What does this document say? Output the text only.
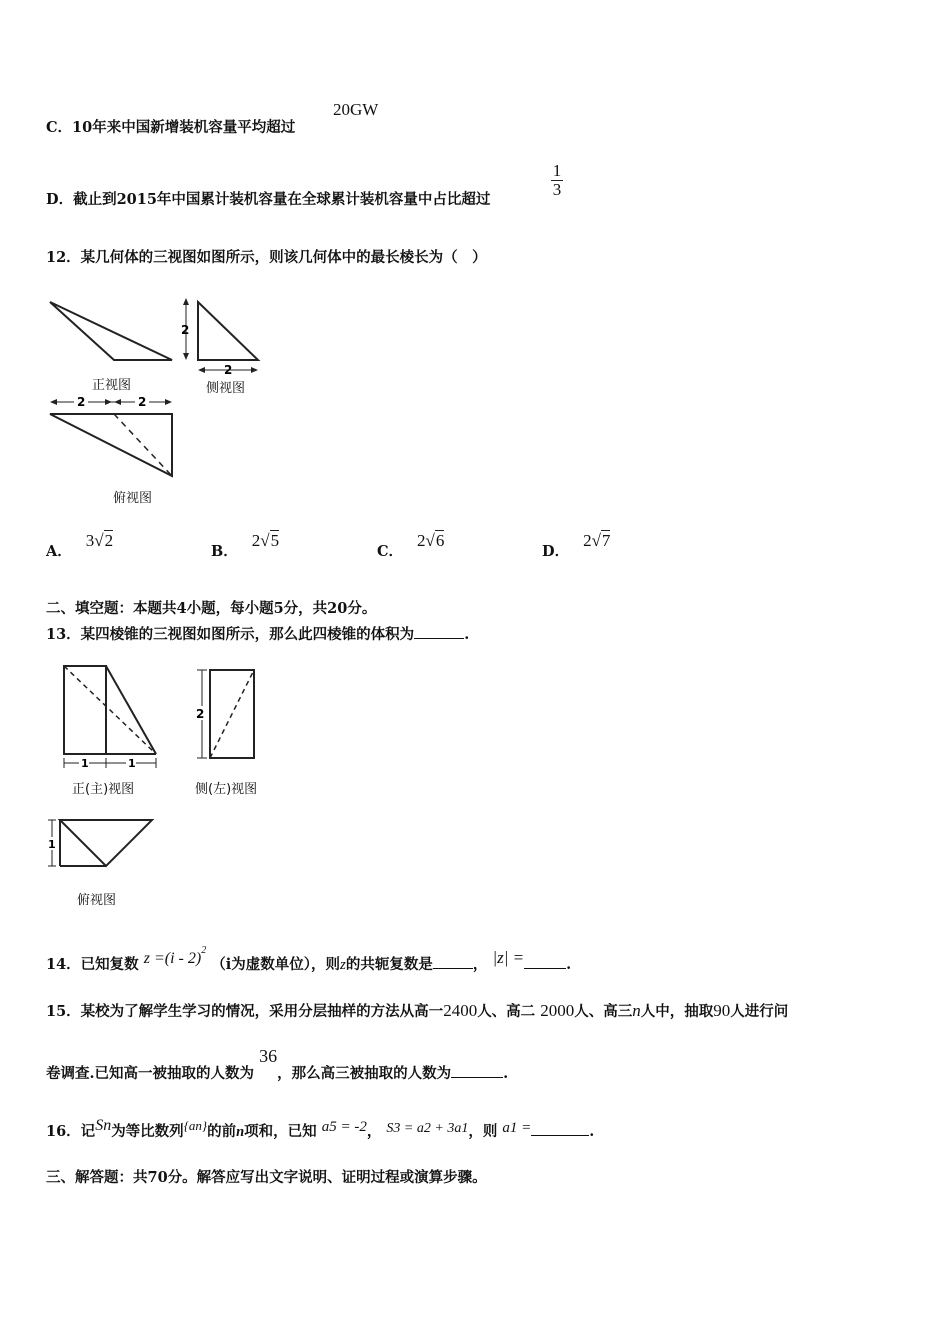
C．10年来中国新增装机容量平均超过
20GW
D．截止到2015年中国累计装机容量在全球累计装机容量中占比超过
1
3
12．某几何体的三视图如图所示，则该几何体中的最长棱长为（　）
2
2
2	2
正视图	侧视图
俯视图
A．3√2
B．2√5
C．2√6
D．2√7
二、填空题：本题共4小题，每小题5分，共20分。
13．某四棱锥的三视图如图所示，那么此四棱锥的体积为	.
1	1
2
1
正(主)视图	侧(左)视图
俯视图
14．已知复数 z =(i - 2)$^2$ （i为虚数单位），则z的共轭复数是	， |z| =	.
15．某校为了解学生学习的情况，采用分层抽样的方法从高一2400人、高二 2000人、高三n人中，抽取90人进行问
卷调查.已知高一被抽取的人数为 36，那么高三被抽取的人数为	.
16．记Sn为等比数列{an}的前n项和，已知 a5 = -2， S3 = a2 + 3a1，则 a1 =	.
三、解答题：共70分。解答应写出文字说明、证明过程或演算步骤。
